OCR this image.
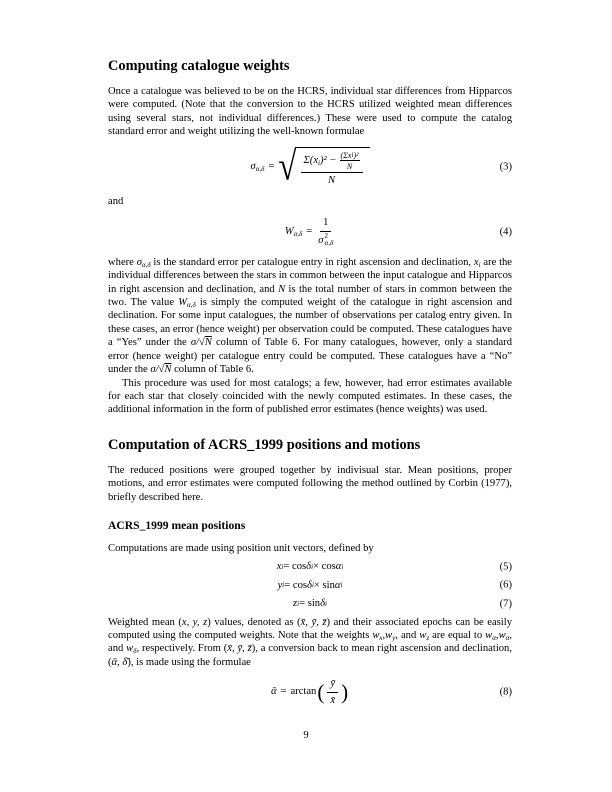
Computing catalogue weights

Once a catalogue was believed to be on the HCRS, individual star differences from Hipparcos were computed. (Note that the conversion to the HCRS utilized weighted mean differences using several stars, not individual differences.) These were used to compute the catalog standard error and weight utilizing the well-known formulae

$\sigma_{\alpha,\delta}$ = √ $\Sigma(x_i)^2 - \frac{\text{(Σx i )²}}{N}$
N
(3)

and

$W_{\alpha,\delta} = 1$
σ 2
α,δ	(4)

where $\sigma_{\alpha,\delta}$ is the standard error per catalogue entry in right ascension and declination, $x_i$ are the individual differences between the stars in common between the input catalogue and Hipparcos in right ascension and declination, and N is the total number of stars in common between the two. The value $W_{\alpha,\delta}$ is simply the computed weight of the catalogue in right ascension and declination. For some input catalogues, the number of observations per catalog entry given. In these cases, an error (hence weight) per observation could be computed. These catalogues have a “Yes” under the σ/√N column of Table 6. For many catalogues, however, only a standard error (hence weight) per catalogue entry could be computed. These catalogues have a “No” under the σ/√N column of Table 6.

This procedure was used for most catalogs; a few, however, had error estimates available for each star that closely coincided with the newly computed estimates. In these cases, the additional information in the form of published error estimates (hence weights) was used.

Computation of ACRS_1999 positions and motions

The reduced positions were grouped together by indivisual star. Mean positions, proper motions, and error estimates were computed following the method outlined by Corbin (1977), briefly described here.

ACRS_1999 mean positions

Computations are made using position unit vectors, defined by

x i = cos δ i × cos α i	(5)
y i = cos δ i × sin α i	(6)
z i = sin δ i	(7)

Weighted mean (x, y, z) values, denoted as (x̄, ȳ, z̄) and their associated epochs can be easily computed using the computed weights. Note that the weights $w_x,w_y$, and $w_z$ are equal to $w_\alpha,w_\alpha$, and $w_\delta$, respectively. From (x̄, ȳ, z̄), a conversion back to mean right ascension and declination, (ᾱ, δ̄), is made using the formulae

ᾱ = arctan ( $\frac{ȳ}{x̄}$ )	(8)
9
